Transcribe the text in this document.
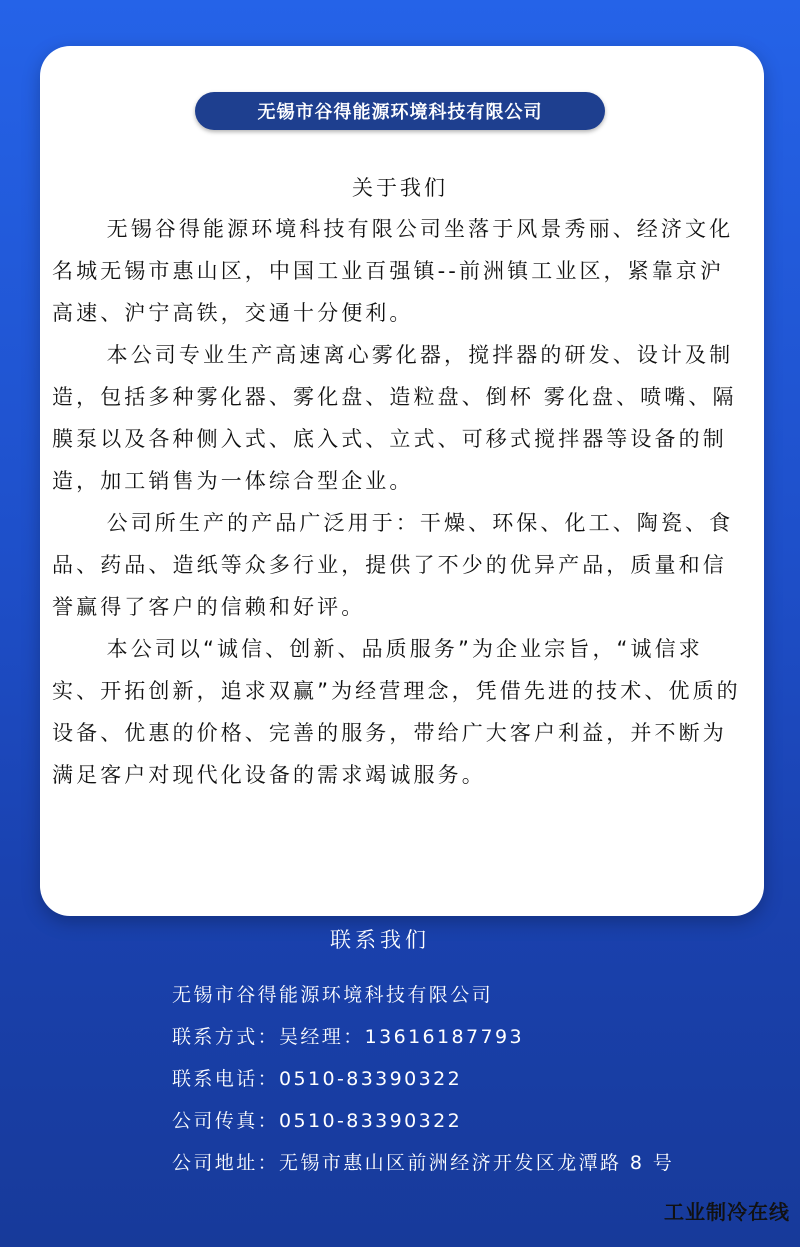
无锡市谷得能源环境科技有限公司
关于我们

无锡谷得能源环境科技有限公司坐落于风景秀丽、经济文化名城无锡市惠山区，中国工业百强镇--前洲镇工业区，紧靠京沪高速、沪宁高铁，交通十分便利。

本公司专业生产高速离心雾化器，搅拌器的研发、设计及制造，包括多种雾化器、雾化盘、造粒盘、倒杯 雾化盘、喷嘴、隔膜泵以及各种侧入式、底入式、立式、可移式搅拌器等设备的制造，加工销售为一体综合型企业。

公司所生产的产品广泛用于：干燥、环保、化工、陶瓷、食品、药品、造纸等众多行业，提供了不少的优异产品，质量和信誉赢得了客户的信赖和好评。

本公司以“诚信、创新、品质服务”为企业宗旨，“诚信求实、开拓创新，追求双赢”为经营理念，凭借先进的技术、优质的设备、优惠的价格、完善的服务，带给广大客户利益，并不断为满足客户对现代化设备的需求竭诚服务。

联系我们
无锡市谷得能源环境科技有限公司
联系方式：吴经理：13616187793
联系电话：0510-83390322
公司传真：0510-83390322
公司地址：无锡市惠山区前洲经济开发区龙潭路 8 号
工业制冷在线
